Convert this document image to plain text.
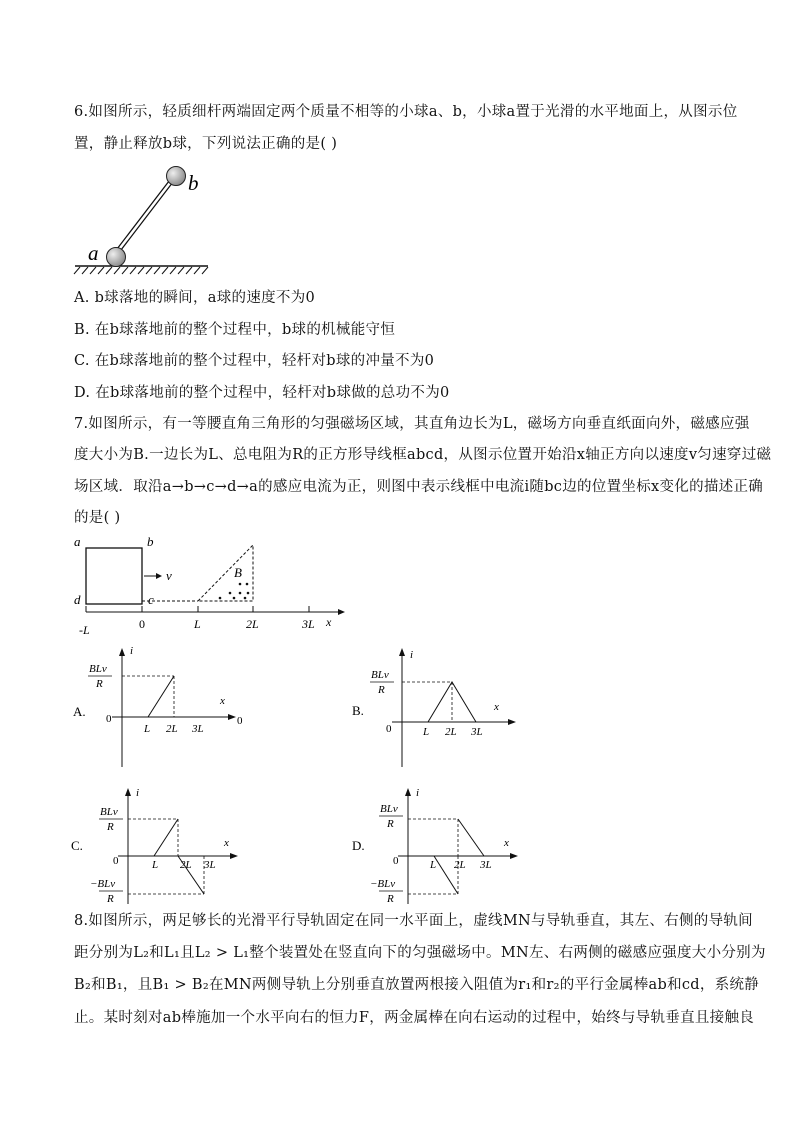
6.如图所示，轻质细杆两端固定两个质量不相等的小球a、b，小球a置于光滑的水平地面上，从图示位
置，静止释放b球，下列说法正确的是( )
a
b
A. b球落地的瞬间，a球的速度不为0
B. 在b球落地前的整个过程中，b球的机械能守恒
C. 在b球落地前的整个过程中，轻杆对b球的冲量不为0
D. 在b球落地前的整个过程中，轻杆对b球做的总功不为0
7.如图所示，有一等腰直角三角形的匀强磁场区域，其直角边长为L，磁场方向垂直纸面向外，磁感应强
度大小为B.一边长为L、总电阻为R的正方形导线框abcd，从图示位置开始沿x轴正方向以速度v匀速穿过磁
场区域．取沿a→b→c→d→a的感应电流为正，则图中表示线框中电流i随bc边的位置坐标x变化的描述正确
的是( )
a	b
c
d
v	B
-L	0	L	2L	3L x
A.
i
x
BLv
R
0
L 2L 3L
0
B.
i
x
BLv
R
0	L 2L 3L
C.
i
x
BLv
R
−BLv
R
0	L 2L 3L
D.
i
x
BLv
R
−BLv
R
0	L 2L 3L
8.如图所示，两足够长的光滑平行导轨固定在同一水平面上，虚线MN与导轨垂直，其左、右侧的导轨间
距分别为L₂和L₁且L₂ > L₁整个装置处在竖直向下的匀强磁场中。MN左、右两侧的磁感应强度大小分别为
B₂和B₁，且B₁ > B₂在MN两侧导轨上分别垂直放置两根接入阻值为r₁和r₂的平行金属棒ab和cd，系统静
止。某时刻对ab棒施加一个水平向右的恒力F，两金属棒在向右运动的过程中，始终与导轨垂直且接触良
